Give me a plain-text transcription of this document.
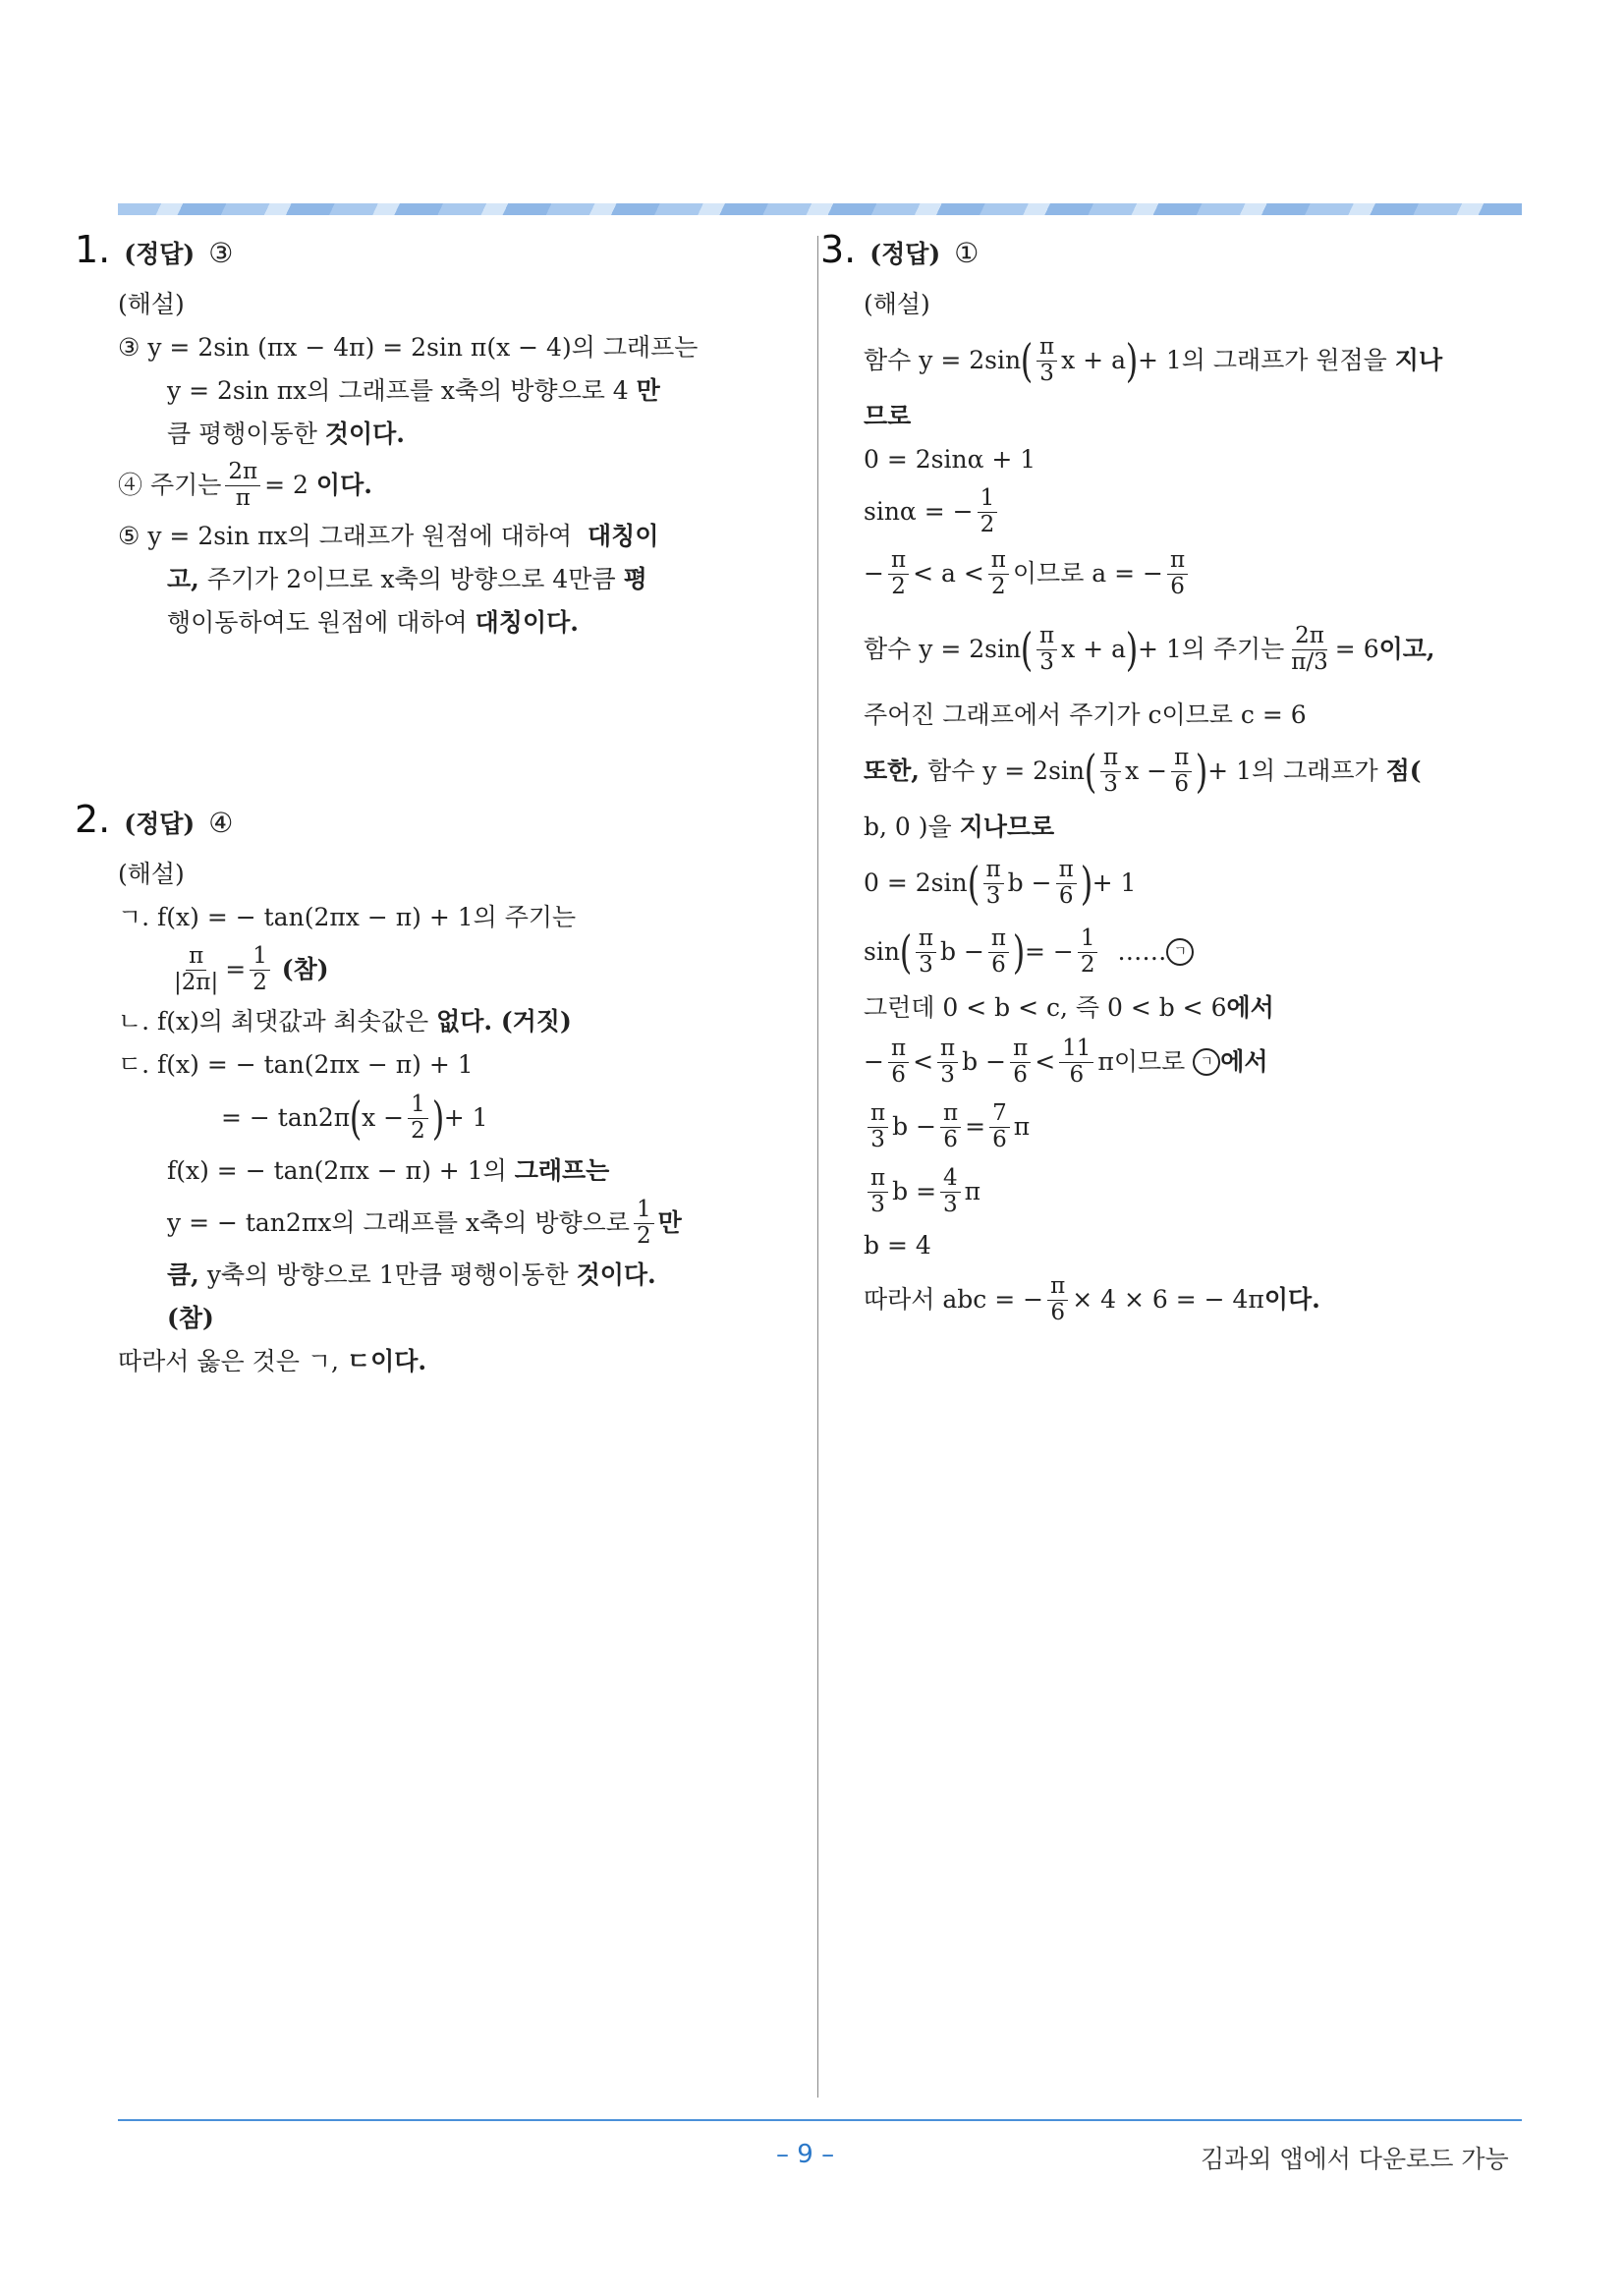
1. (정답) ③
(해설)
③ y = 2sin (πx − 4π) = 2sin π(x − 4)의 그래프는
y = 2sin πx의 그래프를 x축의 방향으로 4
만
큼 평행이동한
것이다.
④ 주기는 $\frac{2\pi}{\pi} = 2$
이다.
⑤ y = 2sin πx의 그래프가 원점에 대하여
대칭이
고,
주기가 2이므로 x축의 방향으로 4만큼
평
행이동하여도 원점에 대하여
대칭이다.
2. (정답) ④
(해설)
ㄱ. f(x) = − tan(2πx − π) + 1의 주기는
$\frac{\pi}{|2\pi|} = \frac{1}{2}$
(참)
ㄴ. f(x)의 최댓값과 최솟값은
없다. (거짓)
ㄷ. f(x) = − tan(2πx − π) + 1
= − tan2π ( $x - \frac{1}{2}$ ) + 1
f(x) = − tan(2πx − π) + 1의
그래프는
y = − tan2πx의 그래프를 x축의 방향으로 $\frac{1}{2}$ 만
큼,
y축의 방향으로 1만큼 평행이동한
것이다.
(참)
따라서 옳은 것은 ㄱ,
ㄷ이다.
3. (정답) ①
(해설)
함수 y = 2sin ( $\frac{\pi}{3}$ x + a ) + 1의 그래프가 원점을
지나
므로
0 = 2sinα + 1
sinα = − $\frac{1}{2}$
− $\frac{\pi}{2} < a < \frac{\pi}{2}$ 이므로 a = − $\frac{\pi}{6}$
함수 y = 2sin ( $\frac{\pi}{3}$ x + a ) + 1의 주기는 $\frac{2\pi}{\pi/3} = 6$ 이고,
주어진 그래프에서 주기가 c이므로 c = 6
또한,
함수 y = 2sin ( $\frac{\pi}{3}$ $x - \frac{\pi}{6}$ ) + 1의 그래프가
점(
b, 0 )을
지나므로
0 = 2sin ( $\frac{\pi}{3}$ $b - \frac{\pi}{6}$ ) + 1
sin ( $\frac{\pi}{3}$ $b - \frac{\pi}{6}$ ) = − $\frac{1}{2}$
…… ㄱ
그런데 0 < b < c, 즉 0 < b < 6 에서
− $\frac{\pi}{6} < \frac{\pi}{3}$ $b - \frac{\pi}{6} < \frac{11}{6}$ π이므로
	ㄱ 에서
$\frac{\pi}{3}$ $b - \frac{\pi}{6} = \frac{7}{6}$ π
$\frac{\pi}{3}$ $b = \frac{4}{3}$ π
b = 4
따라서 abc = − $\frac{\pi}{6} \times 4 \times 6$ = − 4π 이다.
– 9 –	김과외 앱에서 다운로드 가능
